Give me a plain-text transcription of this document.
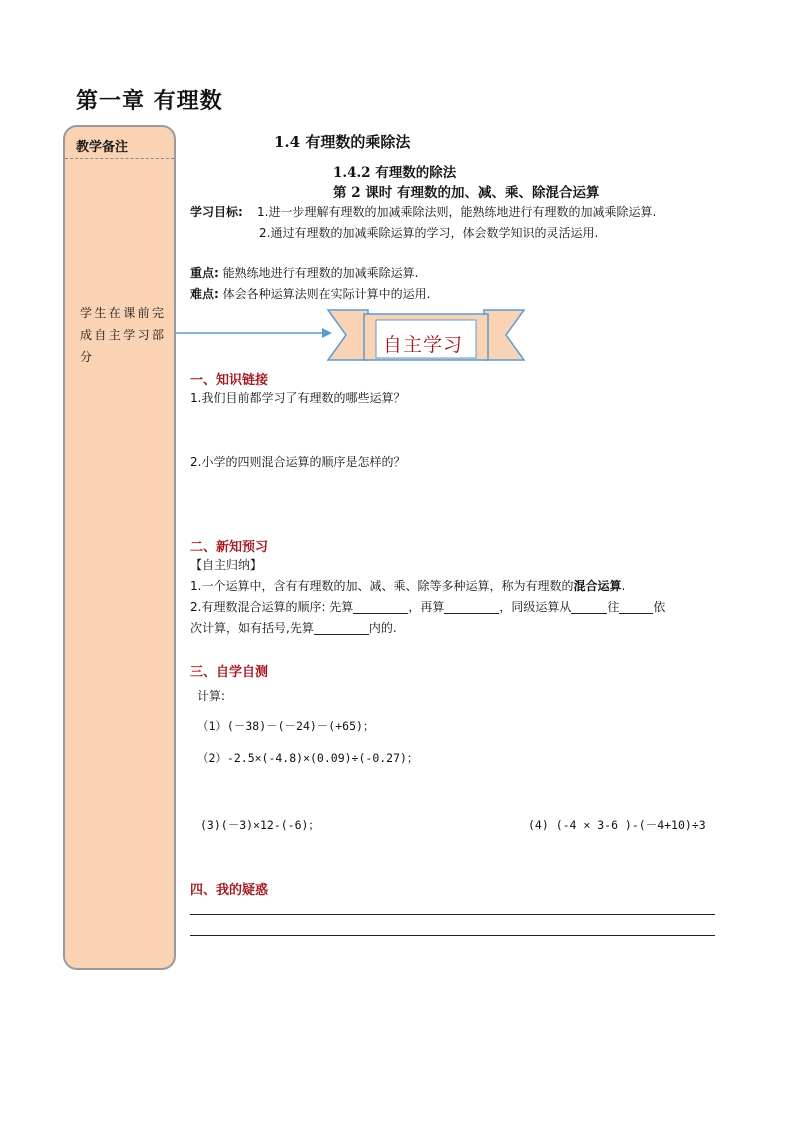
第一章 有理数
教学备注
学生在课前完成自主学习部分
1.4 有理数的乘除法
1.4.2 有理数的除法
第 2 课时 有理数的加、减、乘、除混合运算
学习目标: 1.进一步理解有理数的加减乘除法则，能熟练地进行有理数的加减乘除运算.
2.通过有理数的加减乘除运算的学习，体会数学知识的灵活运用.
重点: 能熟练地进行有理数的加减乘除运算.
难点: 体会各种运算法则在实际计算中的运用.
自主学习
一、知识链接
1.我们目前都学习了有理数的哪些运算？
2.小学的四则混合运算的顺序是怎样的？
二、新知预习
【自主归纳】
1.一个运算中，含有有理数的加、减、乘、除等多种运算，称为有理数的混合运算.
2.有理数混合运算的顺序: 先算	，再算	，同级运算从	往	依
次计算，如有括号,先算	内的.
三、自学自测
计算:
（1）(－38)－(－24)－(+65)；
（2）-2.5×(-4.8)×(0.09)÷(-0.27)；
(3)(－3)×12-(-6)；	(4) (-4 × 3-6 )-(－4+10)÷3
四、我的疑惑
